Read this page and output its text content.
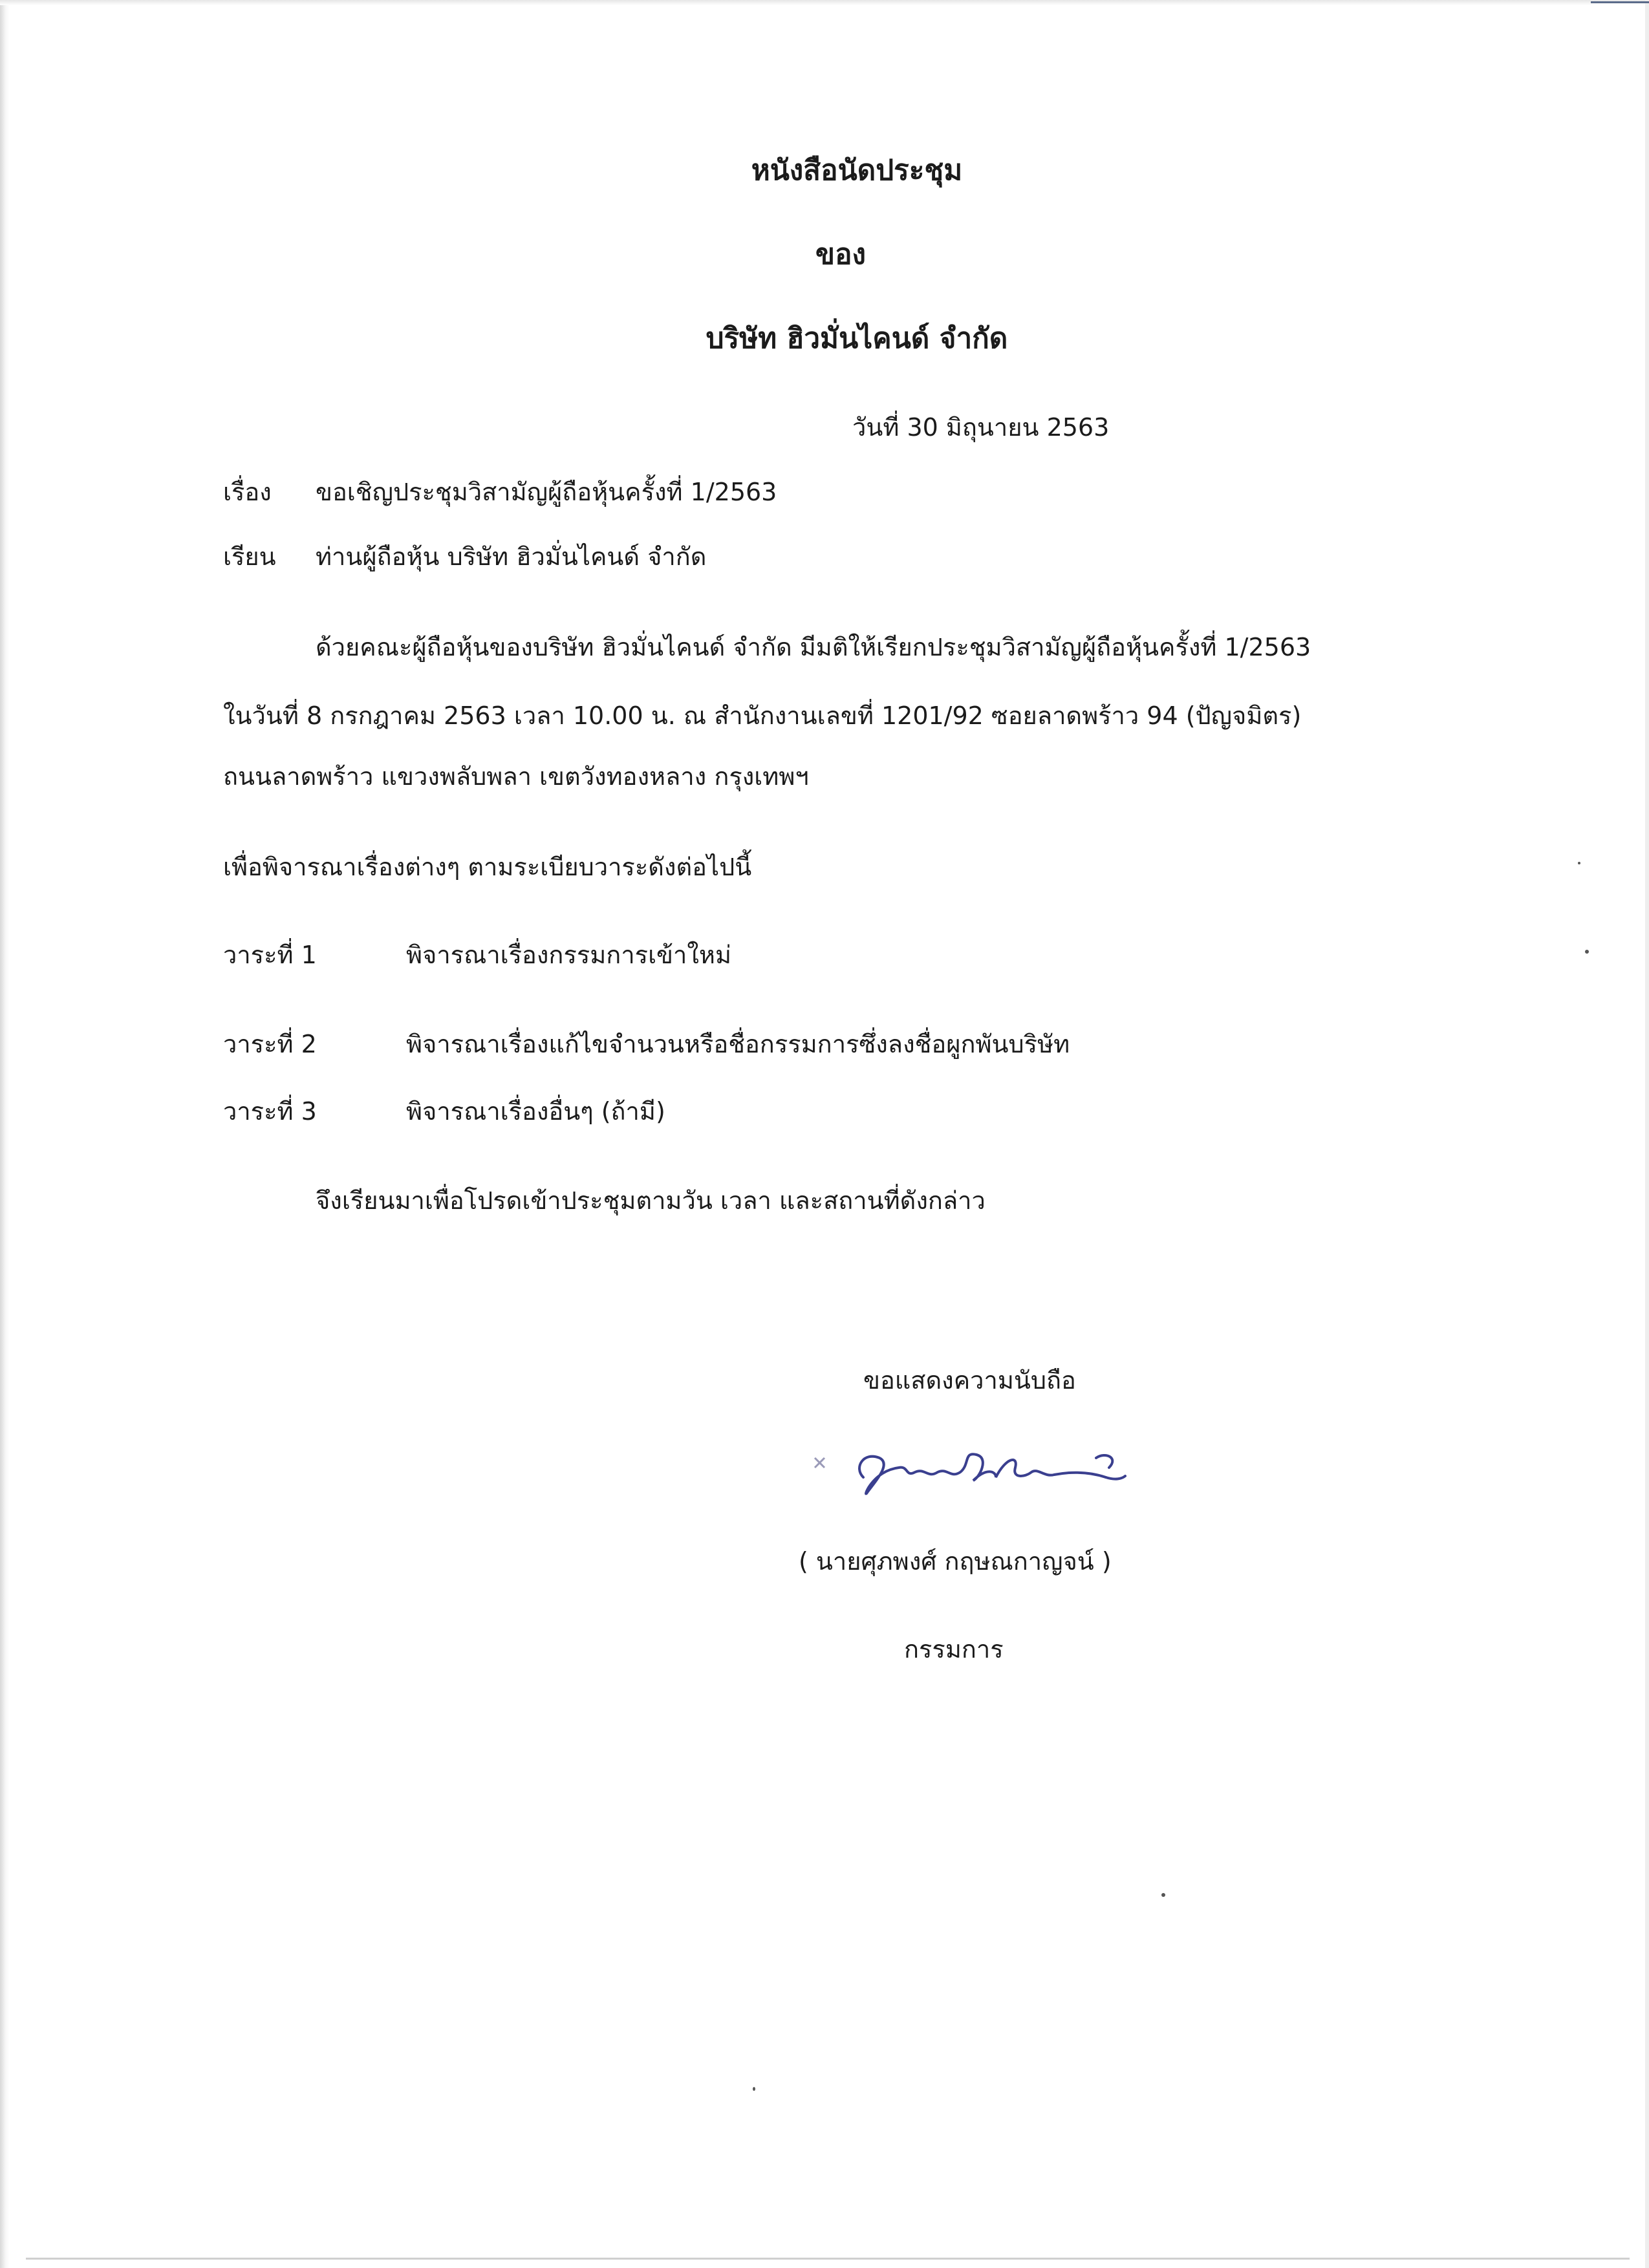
หนังสือนัดประชุม
ของ
บริษัท ฮิวมั่นไคนด์ จำกัด
วันที่ 30 มิถุนายน 2563
เรื่อง ขอเชิญประชุมวิสามัญผู้ถือหุ้นครั้งที่ 1/2563
เรียน ท่านผู้ถือหุ้น บริษัท ฮิวมั่นไคนด์ จำกัด
ด้วยคณะผู้ถือหุ้นของบริษัท ฮิวมั่นไคนด์ จำกัด มีมติให้เรียกประชุมวิสามัญผู้ถือหุ้นครั้งที่ 1/2563
ในวันที่ 8 กรกฎาคม 2563 เวลา 10.00 น. ณ สำนักงานเลขที่ 1201/92 ซอยลาดพร้าว 94 (ปัญจมิตร)
ถนนลาดพร้าว แขวงพลับพลา เขตวังทองหลาง กรุงเทพฯ
เพื่อพิจารณาเรื่องต่างๆ ตามระเบียบวาระดังต่อไปนี้
วาระที่ 1	พิจารณาเรื่องกรรมการเข้าใหม่
วาระที่ 2	พิจารณาเรื่องแก้ไขจำนวนหรือชื่อกรรมการซึ่งลงชื่อผูกพันบริษัท
วาระที่ 3	พิจารณาเรื่องอื่นๆ (ถ้ามี)
จึงเรียนมาเพื่อโปรดเข้าประชุมตามวัน เวลา และสถานที่ดังกล่าว
ขอแสดงความนับถือ
( นายศุภพงศ์ กฤษณกาญจน์ )
กรรมการ
